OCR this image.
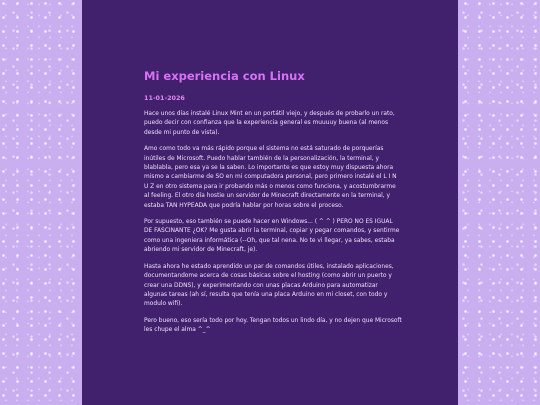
Mi experiencia con Linux
11-01-2026

Hace unos días instalé Linux Mint en un portátil viejo, y después de probarlo un rato, puedo decir con confianza que la experiencia general es muuuuy buena (al menos desde mi punto de vista).

Amo como todo va más rápido porque el sistema no está saturado de porquerías inútiles de Microsoft. Puedo hablar también de la personalización, la terminal, y blablabla, pero esa ya se la saben. Lo importante es que estoy muy dispuesta ahora mismo a cambiarme de SO en mi computadora personal, pero primero instalé el L I N U Z en otro sistema para ir probando más o menos como funciona, y acostumbrarme al feeling. El otro día hostie un servidor de Minecraft directamente en la terminal, y estaba TAN HYPEADA que podría hablar por horas sobre el proceso.

Por supuesto, eso también se puede hacer en Windows... ( ^ ^ ) PERO NO ES IGUAL DE FASCINANTE ¿OK? Me gusta abrir la terminal, copiar y pegar comandos, y sentirme como una ingeniera informática (--Oh, que tal nena. No te vi llegar, ya sabes, estaba abriendo mi servidor de Minecraft, je).

Hasta ahora he estado aprendido un par de comandos útiles, instalado aplicaciones, documentandome acerca de cosas básicas sobre el hosting (como abrir un puerto y crear una DDNS), y experimentando con unas placas Arduino para automatizar algunas tareas (ah sí, resulta que tenía una placa Arduino en mi closet, con todo y modulo wifi).

Pero bueno, eso sería todo por hoy. Tengan todos un lindo día, y no dejen que Microsoft les chupe el alma ^_^
